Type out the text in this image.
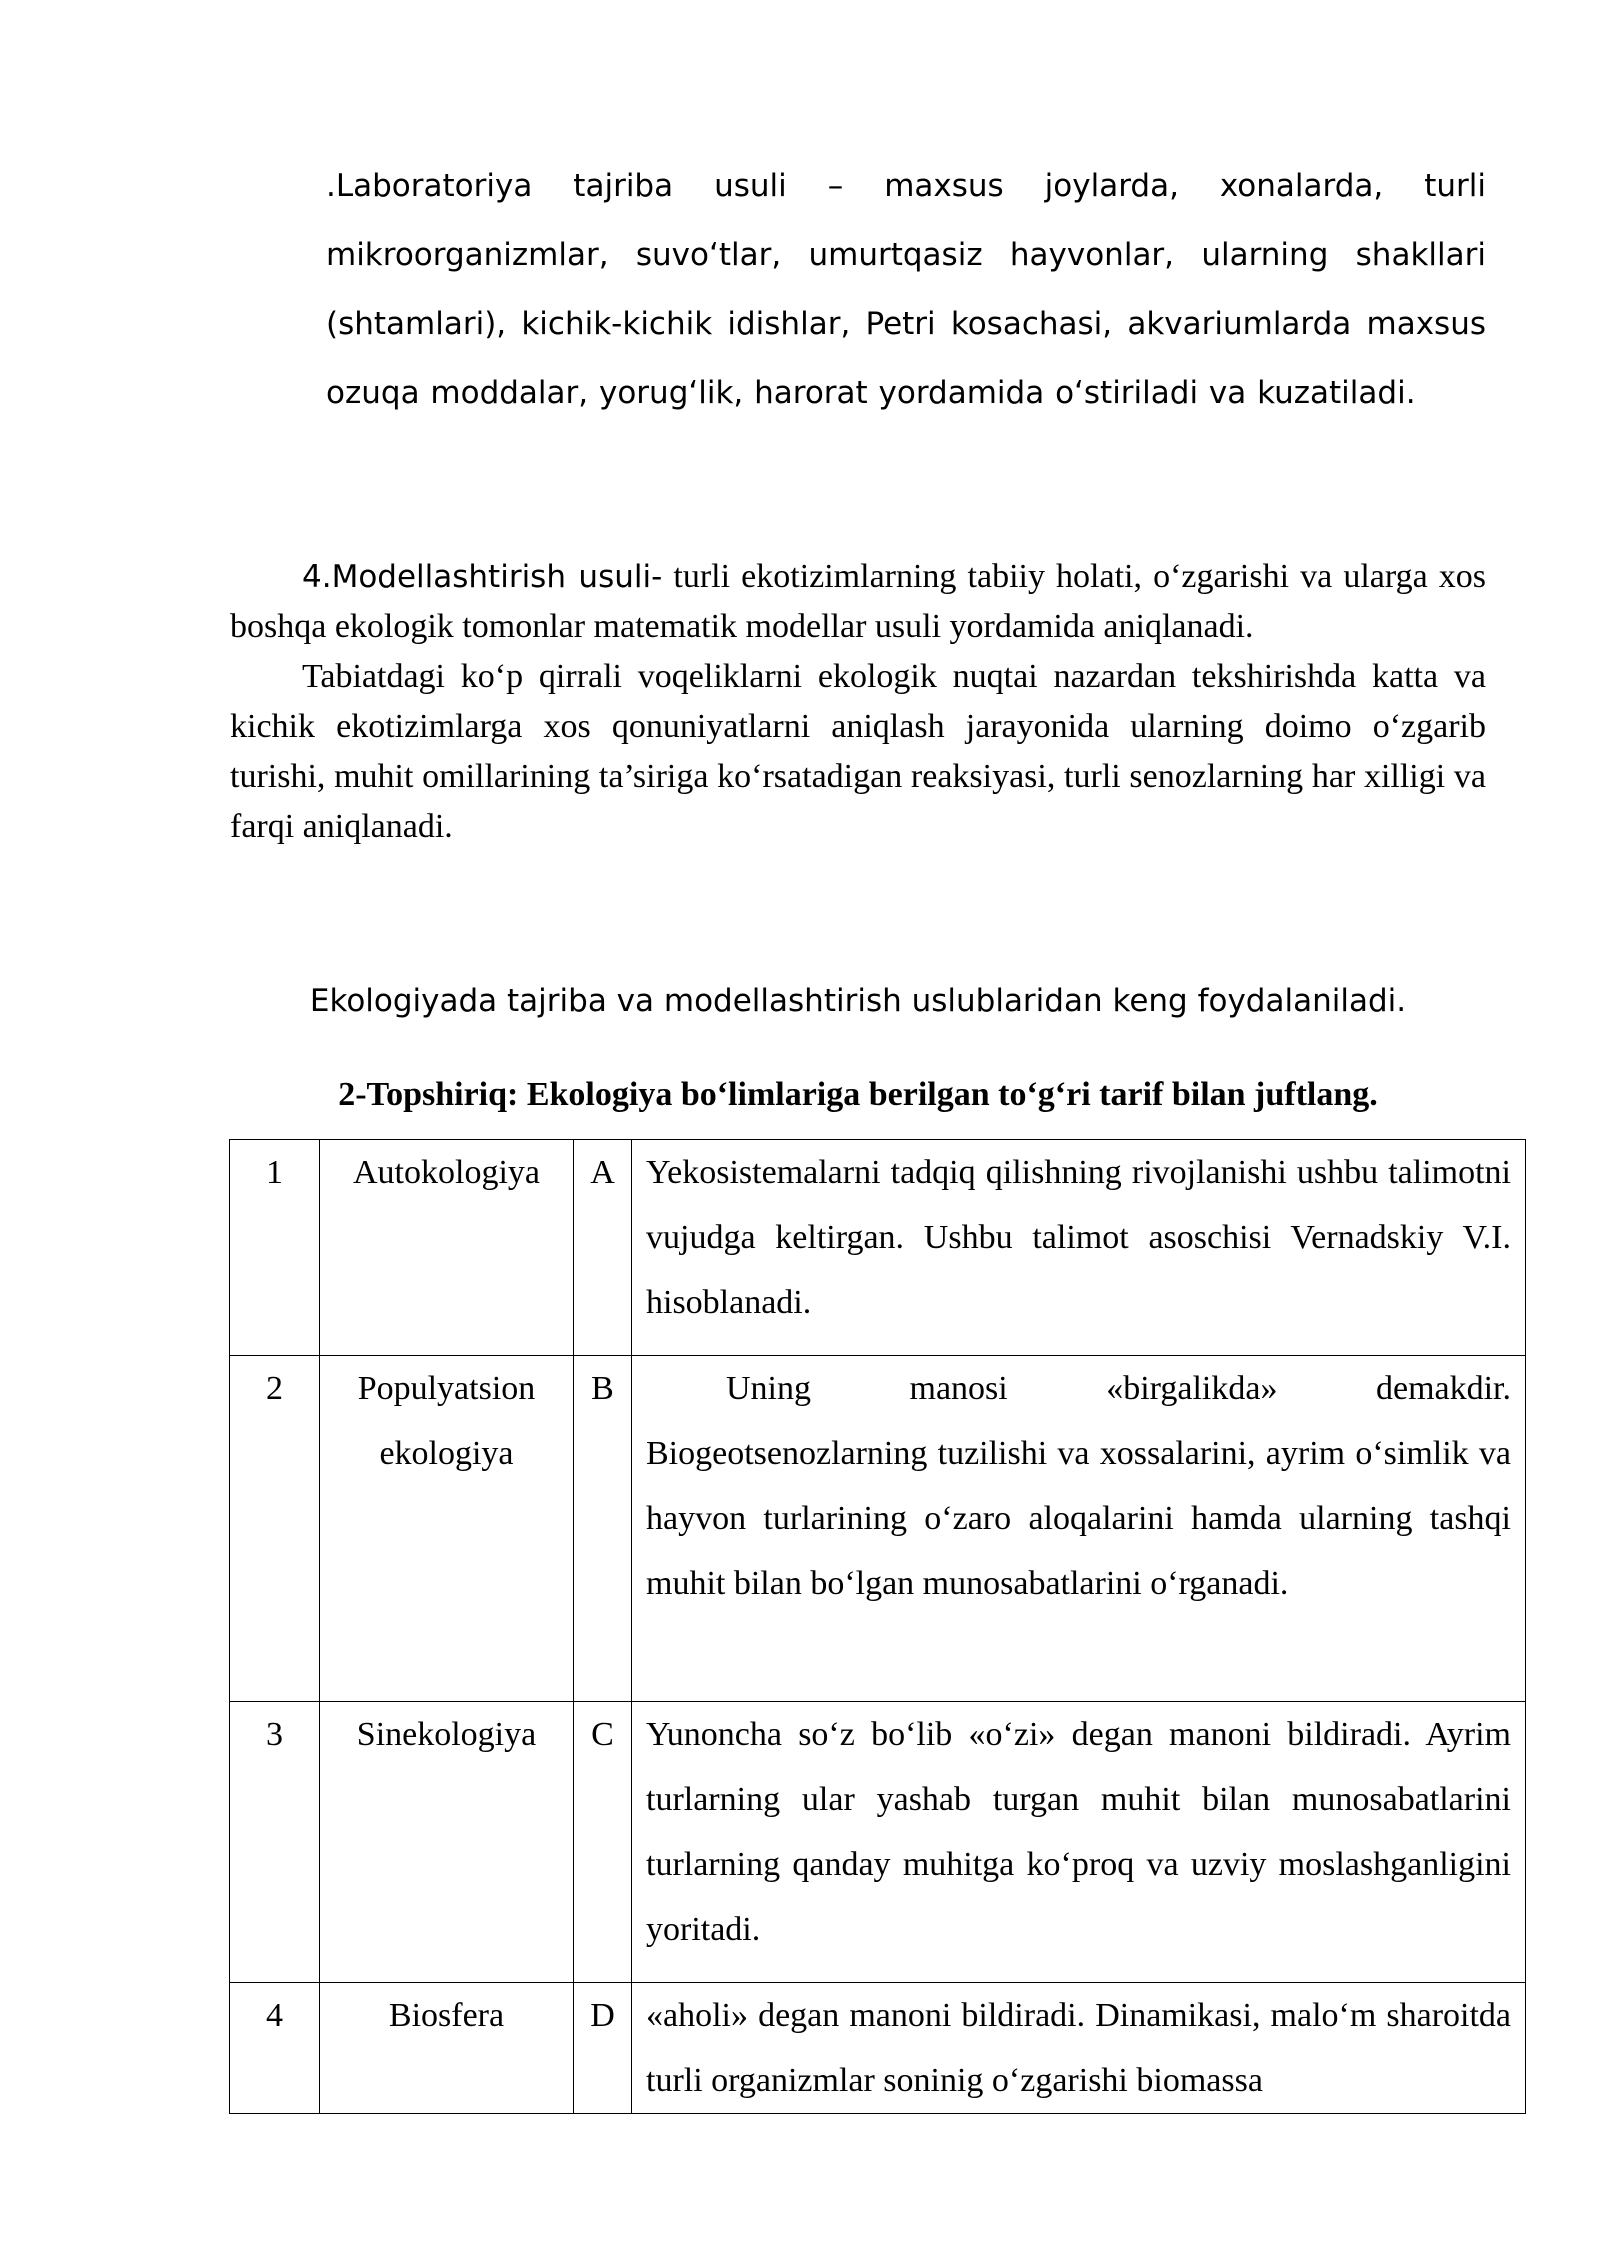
.Laboratoriya tajriba usuli – maxsus joylarda, xonalarda, turli mikroorganizmlar, suvo‘tlar, umurtqasiz hayvonlar, ularning shakllari (shtamlari), kichik-kichik idishlar, Petri kosachasi, akvariumlarda maxsus ozuqa moddalar, yorug‘lik, harorat yordamida o‘stiriladi va kuzatiladi.

4.Modellashtirish usuli- turli ekotizimlarning tabiiy holati, o‘zgarishi va ularga xos boshqa ekologik tomonlar matematik modellar usuli yordamida aniqlanadi.

Tabiatdagi ko‘p qirrali voqeliklarni ekologik nuqtai nazardan tekshirishda katta va kichik ekotizimlarga xos qonuniyatlarni aniqlash jarayonida ularning doimo o‘zgarib turishi, muhit omillarining ta’siriga ko‘rsatadigan reaksiyasi, turli senozlarning har xilligi va farqi aniqlanadi.

Ekologiyada tajriba va modellashtirish uslublaridan keng foydalaniladi.
2-Topshiriq: Ekologiya bo‘limlariga berilgan to‘g‘ri tarif bilan juftlang.
1	Autokologiya	A	Yekosistemalarni tadqiq qilishning rivojlanishi ushbu talimotni vujudga keltirgan. Ushbu talimot asoschisi Vernadskiy V.I. hisoblanadi.
2	Populyatsion ekologiya	B	Uning manosi «birgalikda» demakdir. Biogeotsenozlarning tuzilishi va xossalarini, ayrim o‘simlik va hayvon turlarining o‘zaro aloqalarini hamda ularning tashqi muhit bilan bo‘lgan munosabatlarini o‘rganadi.
3	Sinekologiya	C	Yunoncha so‘z bo‘lib «o‘zi» degan manoni bildiradi. Ayrim turlarning ular yashab turgan muhit bilan munosabatlarini turlarning qanday muhitga ko‘proq va uzviy moslashganligini yoritadi.
4	Biosfera	D	«aholi» degan manoni bildiradi. Dinamikasi, malo‘m sharoitda turli organizmlar soninig o‘zgarishi biomassa
